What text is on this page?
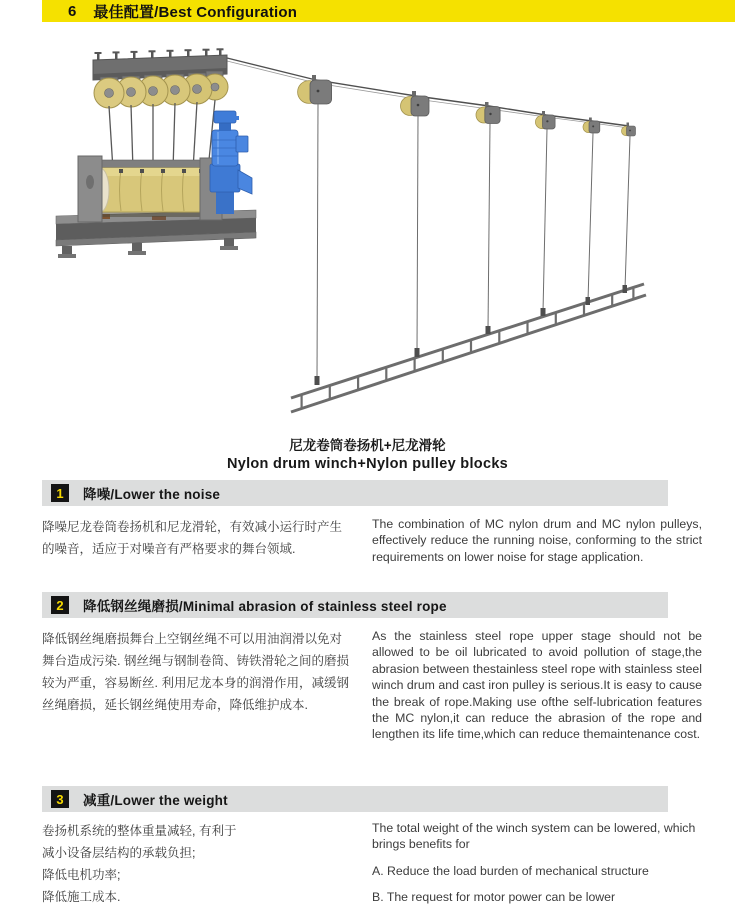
6 最佳配置/Best Configuration

尼龙卷筒卷扬机+尼龙滑轮

Nylon drum winch+Nylon pulley blocks

1	降噪/Lower the noise

降噪尼龙卷筒卷扬机和尼龙滑轮，有效减小运行时产生的噪音，适应于对噪音有严格要求的舞台领域.

The combination of MC nylon drum and MC nylon pulleys, effectively reduce the running noise, conforming to the strict requirements on lower noise for stage application.

2	降低钢丝绳磨损/Minimal abrasion of stainless steel rope

降低钢丝绳磨损舞台上空钢丝绳不可以用油润滑以免对舞台造成污染. 钢丝绳与钢制卷筒、铸铁滑轮之间的磨损较为严重，容易断丝. 利用尼龙本身的润滑作用，减缓钢丝绳磨损，延长钢丝绳使用寿命，降低维护成本.

As the stainless steel rope upper stage should not be allowed to be oil lubricated to avoid pollution of stage,the abrasion between thestainless steel rope with stainless steel winch drum and cast iron pulley is serious.It is easy to cause the break of rope.Making use ofthe self-lubrication features the MC nylon,it can reduce the abrasion of the rope and lengthen its life time,which can reduce themaintenance cost.

3	减重/Lower the weight

卷扬机系统的整体重量减轻, 有利于

减小设备层结构的承载负担;

降低电机功率;

降低施工成本.

The total weight of the winch system can be lowered, which brings benefits for

A. Reduce the load burden of mechanical structure

B. The request for motor power can be lower
